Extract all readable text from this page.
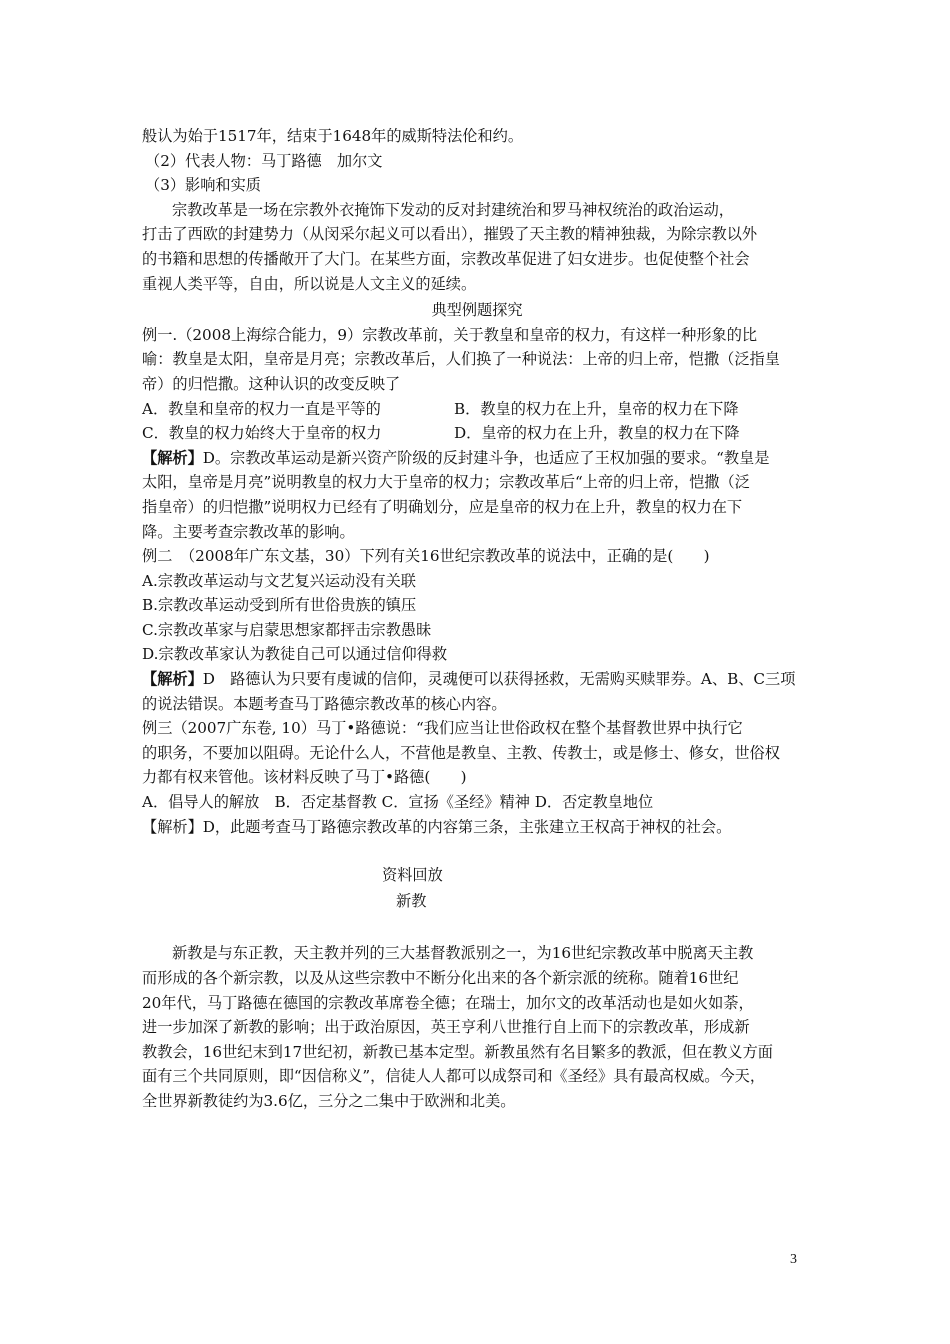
般认为始于1517年，结束于1648年的威斯特法伦和约。
（2）代表人物：马丁路德　加尔文
（3）影响和实质
宗教改革是一场在宗教外衣掩饰下发动的反对封建统治和罗马神权统治的政治运动，
打击了西欧的封建势力（从闵采尔起义可以看出），摧毁了天主教的精神独裁，为除宗教以外
的书籍和思想的传播敞开了大门。在某些方面，宗教改革促进了妇女进步。也促使整个社会
重视人类平等，自由，所以说是人文主义的延续。
典型例题探究
例一.（2008上海综合能力，9）宗教改革前，关于教皇和皇帝的权力，有这样一种形象的比
喻：教皇是太阳，皇帝是月亮；宗教改革后，人们换了一种说法：上帝的归上帝，恺撒（泛指皇
帝）的归恺撒。这种认识的改变反映了
A．教皇和皇帝的权力一直是平等的	B．教皇的权力在上升，皇帝的权力在下降
C．教皇的权力始终大于皇帝的权力	D．皇帝的权力在上升，教皇的权力在下降
【解析】D。宗教改革运动是新兴资产阶级的反封建斗争，也适应了王权加强的要求。“教皇是
太阳，皇帝是月亮”说明教皇的权力大于皇帝的权力；宗教改革后“上帝的归上帝，恺撒（泛
指皇帝）的归恺撒”说明权力已经有了明确划分，应是皇帝的权力在上升，教皇的权力在下
降。主要考查宗教改革的影响。
例二　（2008年广东文基，30）下列有关16世纪宗教改革的说法中，正确的是(　　)
A.宗教改革运动与文艺复兴运动没有关联
B.宗教改革运动受到所有世俗贵族的镇压
C.宗教改革家与启蒙思想家都抨击宗教愚昧
D.宗教改革家认为教徒自己可以通过信仰得救
【解析】D　路德认为只要有虔诚的信仰，灵魂便可以获得拯救，无需购买赎罪券。A、B、C三项
的说法错误。本题考查马丁路德宗教改革的核心内容。
例三（2007广东卷, 10）马丁•路德说：“我们应当让世俗政权在整个基督教世界中执行它
的职务，不要加以阻碍。无论什么人，不营他是教皇、主教、传教士，或是修士、修女，世俗权
力都有权来管他。该材料反映了马丁•路德(　　)
A．倡导人的解放　B．否定基督教 C．宣扬《圣经》精神 D．否定教皇地位
【解析】D，此题考查马丁路德宗教改革的内容第三条，主张建立王权高于神权的社会。
资料回放
新教
新教是与东正教，天主教并列的三大基督教派别之一，为16世纪宗教改革中脱离天主教
而形成的各个新宗教，以及从这些宗教中不断分化出来的各个新宗派的统称。随着16世纪
20年代，马丁路德在德国的宗教改革席卷全德；在瑞士，加尔文的改革活动也是如火如荼，
进一步加深了新教的影响；出于政治原因，英王亨利八世推行自上而下的宗教改革，形成新
教教会，16世纪末到17世纪初，新教已基本定型。新教虽然有名目繁多的教派，但在教义方面
面有三个共同原则，即“因信称义”，信徒人人都可以成祭司和《圣经》具有最高权威。今天，
全世界新教徒约为3.6亿，三分之二集中于欧洲和北美。
3
